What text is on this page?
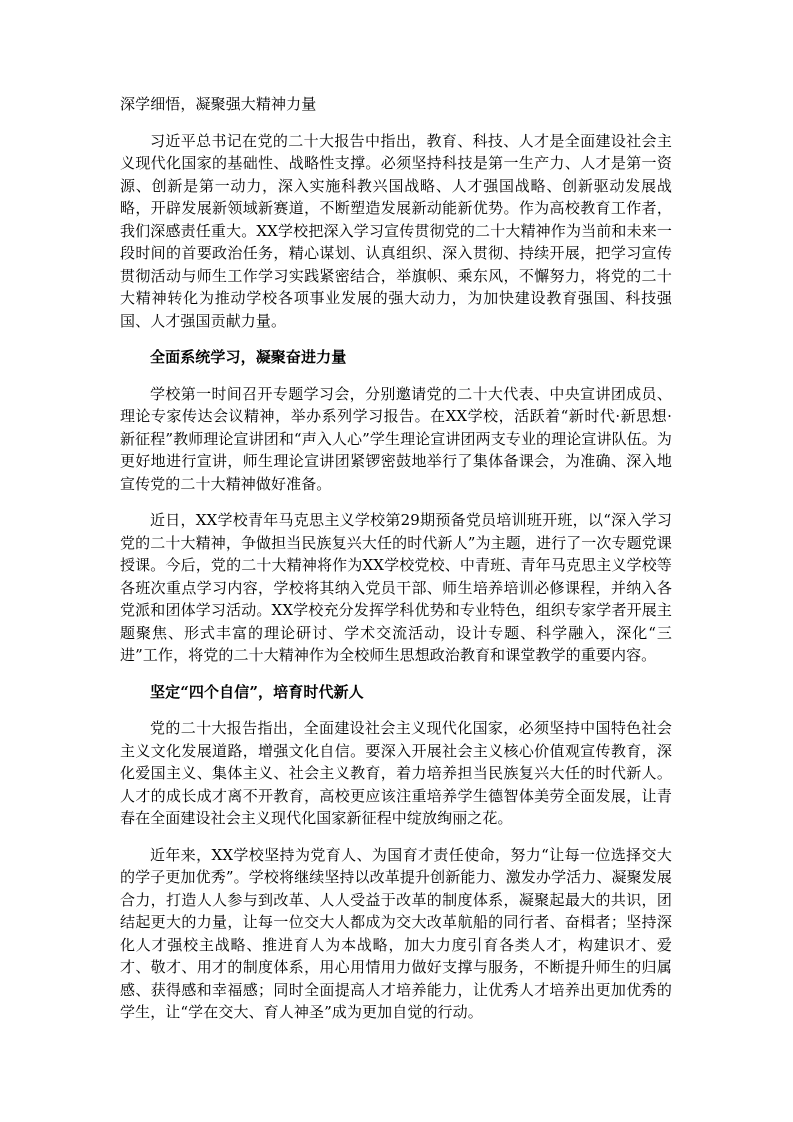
深学细悟，凝聚强大精神力量

习近平总书记在党的二十大报告中指出，教育、科技、人才是全面建设社会主义现代化国家的基础性、战略性支撑。必须坚持科技是第一生产力、人才是第一资源、创新是第一动力，深入实施科教兴国战略、人才强国战略、创新驱动发展战略，开辟发展新领域新赛道，不断塑造发展新动能新优势。作为高校教育工作者，我们深感责任重大。XX学校把深入学习宣传贯彻党的二十大精神作为当前和未来一段时间的首要政治任务，精心谋划、认真组织、深入贯彻、持续开展，把学习宣传贯彻活动与师生工作学习实践紧密结合，举旗帜、乘东风，不懈努力，将党的二十大精神转化为推动学校各项事业发展的强大动力，为加快建设教育强国、科技强国、人才强国贡献力量。

全面系统学习，凝聚奋进力量

学校第一时间召开专题学习会，分别邀请党的二十大代表、中央宣讲团成员、理论专家传达会议精神，举办系列学习报告。在XX学校，活跃着“新时代·新思想·新征程”教师理论宣讲团和“声入人心”学生理论宣讲团两支专业的理论宣讲队伍。为更好地进行宣讲，师生理论宣讲团紧锣密鼓地举行了集体备课会，为准确、深入地宣传党的二十大精神做好准备。

近日，XX学校青年马克思主义学校第29期预备党员培训班开班，以“深入学习党的二十大精神，争做担当民族复兴大任的时代新人”为主题，进行了一次专题党课授课。今后，党的二十大精神将作为XX学校党校、中青班、青年马克思主义学校等各班次重点学习内容，学校将其纳入党员干部、师生培养培训必修课程，并纳入各党派和团体学习活动。XX学校充分发挥学科优势和专业特色，组织专家学者开展主题聚焦、形式丰富的理论研讨、学术交流活动，设计专题、科学融入，深化“三进”工作，将党的二十大精神作为全校师生思想政治教育和课堂教学的重要内容。

坚定“四个自信”，培育时代新人

党的二十大报告指出，全面建设社会主义现代化国家，必须坚持中国特色社会主义文化发展道路，增强文化自信。要深入开展社会主义核心价值观宣传教育，深化爱国主义、集体主义、社会主义教育，着力培养担当民族复兴大任的时代新人。人才的成长成才离不开教育，高校更应该注重培养学生德智体美劳全面发展，让青春在全面建设社会主义现代化国家新征程中绽放绚丽之花。

近年来，XX学校坚持为党育人、为国育才责任使命，努力“让每一位选择交大的学子更加优秀”。学校将继续坚持以改革提升创新能力、激发办学活力、凝聚发展合力，打造人人参与到改革、人人受益于改革的制度体系，凝聚起最大的共识，团结起更大的力量，让每一位交大人都成为交大改革航船的同行者、奋楫者；坚持深化人才强校主战略、推进育人为本战略，加大力度引育各类人才，构建识才、爱才、敬才、用才的制度体系，用心用情用力做好支撑与服务，不断提升师生的归属感、获得感和幸福感；同时全面提高人才培养能力，让优秀人才培养出更加优秀的学生，让“学在交大、育人神圣”成为更加自觉的行动。
